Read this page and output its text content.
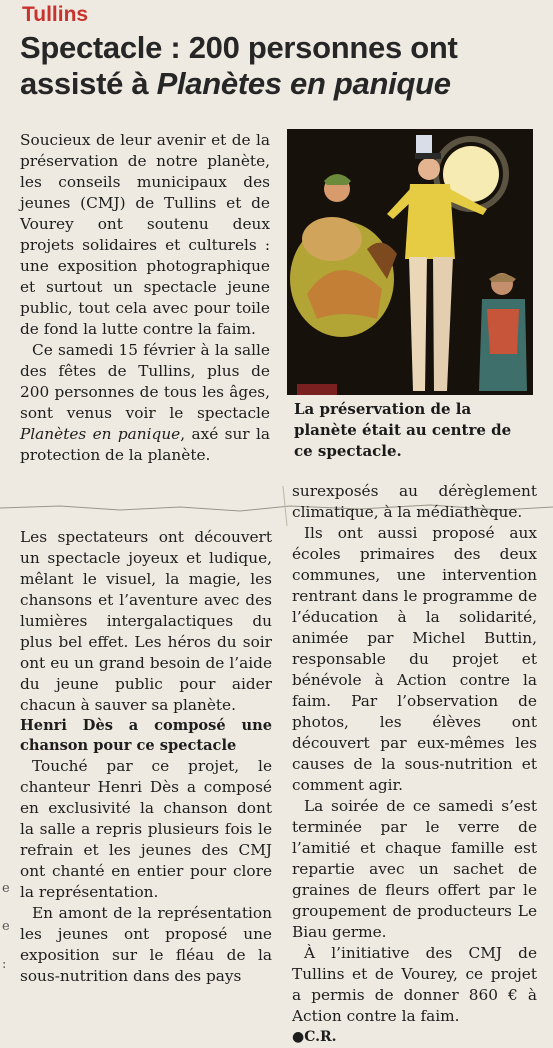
Tullins
Spectacle : 200 personnes ont
assisté à Planètes en panique

Soucieux de leur avenir et de la préservation de notre planète, les conseils municipaux des jeunes (CMJ) de Tullins et de Vourey ont soutenu deux projets solidaires et culturels : une exposition photographique et surtout un spectacle jeune public, tout cela avec pour toile de fond la lutte contre la faim.

Ce samedi 15 février à la salle des fêtes de Tullins, plus de 200 personnes de tous les âges, sont venus voir le spectacle Planètes en panique, axé sur la protection de la planète.

La préservation de la planète était au centre de ce spectacle.

Les spectateurs ont découvert un spectacle joyeux et ludique, mêlant le visuel, la magie, les chansons et l’aventure avec des lumières intergalactiques du plus bel effet. Les héros du soir ont eu un grand besoin de l’aide du jeune public pour aider chacun à sauver sa planète.

Henri Dès a composé une chanson pour ce spectacle

Touché par ce projet, le chanteur Henri Dès a composé en exclusivité la chanson dont la salle a repris plusieurs fois le refrain et les jeunes des CMJ ont chanté en entier pour clore la représentation.

En amont de la représentation les jeunes ont proposé une exposition sur le fléau de la sous-nutrition dans des pays

surexposés au dérèglement climatique, à la médiathèque.

Ils ont aussi proposé aux écoles primaires des deux communes, une intervention rentrant dans le programme de l’éducation à la solidarité, animée par Michel Buttin, responsable du projet et bénévole à Action contre la faim. Par l’observation de photos, les élèves ont découvert par eux-mêmes les causes de la sous-nutrition et comment agir.

La soirée de ce samedi s’est terminée par le verre de l’amitié et chaque famille est repartie avec un sachet de graines de fleurs offert par le groupement de producteurs Le Biau germe.

À l’initiative des CMJ de Tullins et de Vourey, ce projet a permis de donner 860 € à Action contre la faim.

●C.R.

e
e
:
